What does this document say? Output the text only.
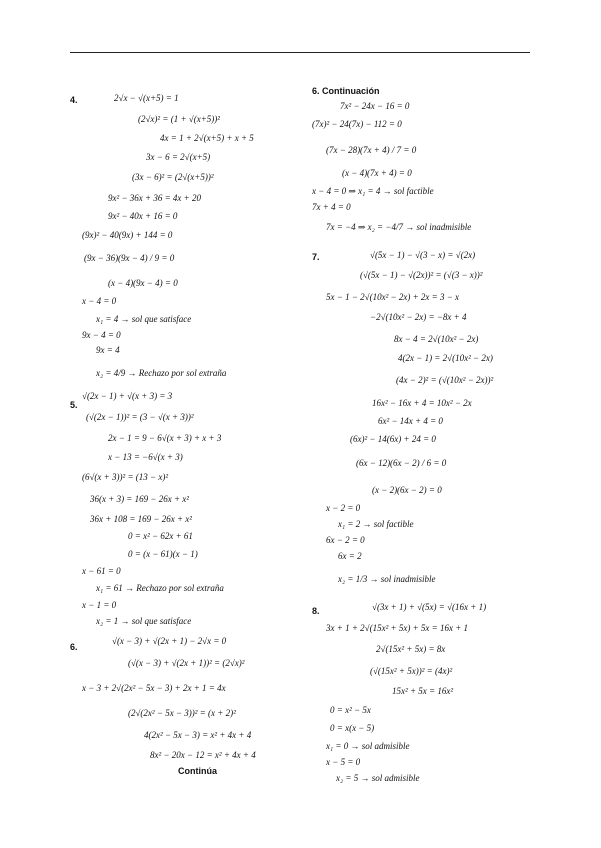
4.	2√x − √(x+5) = 1
(2√x)² = (1 + √(x+5))²
4x = 1 + 2√(x+5) + x + 5
3x − 6 = 2√(x+5)
(3x − 6)² = (2√(x+5))²
9x² − 36x + 36 = 4x + 20
9x² − 40x + 16 = 0
(9x)² − 40(9x) + 144 = 0
(9x − 36)(9x − 4) / 9 = 0
(x − 4)(9x − 4) = 0
x − 4 = 0
x₁ = 4 → sol que satisface
9x − 4 = 0
9x = 4
x₂ = 4/9 → Rechazo por sol extraña
5.
√(2x − 1) + √(x + 3) = 3
(√(2x − 1))² = (3 − √(x + 3))²
2x − 1 = 9 − 6√(x + 3) + x + 3
x − 13 = −6√(x + 3)
(6√(x + 3))² = (13 − x)²
36(x + 3) = 169 − 26x + x²
36x + 108 = 169 − 26x + x²
0 = x² − 62x + 61
0 = (x − 61)(x − 1)
x − 61 = 0
x₁ = 61 → Rechazo por sol extraña
x − 1 = 0
x₂ = 1 → sol que satisface
6.
√(x − 3) + √(2x + 1) − 2√x = 0
(√(x − 3) + √(2x + 1))² = (2√x)²
x − 3 + 2√(2x² − 5x − 3) + 2x + 1 = 4x
(2√(2x² − 5x − 3))² = (x + 2)²
4(2x² − 5x − 3) = x² + 4x + 4
8x² − 20x − 12 = x² + 4x + 4
Continúa
6. Continuación
7x² − 24x − 16 = 0
(7x)² − 24(7x) − 112 = 0
(7x − 28)(7x + 4) / 7 = 0
(x − 4)(7x + 4) = 0
x − 4 = 0 ⇒ x₁ = 4 → sol factible
7x + 4 = 0
7x = −4 ⇒ x₂ = −4/7 → sol inadmisible
7.	√(5x − 1) − √(3 − x) = √(2x)
(√(5x − 1) − √(2x))² = (√(3 − x))²
5x − 1 − 2√(10x² − 2x) + 2x = 3 − x
−2√(10x² − 2x) = −8x + 4
8x − 4 = 2√(10x² − 2x)
4(2x − 1) = 2√(10x² − 2x)
(4x − 2)² = (√(10x² − 2x))²
16x² − 16x + 4 = 10x² − 2x
6x² − 14x + 4 = 0
(6x)² − 14(6x) + 24 = 0
(6x − 12)(6x − 2) / 6 = 0
(x − 2)(6x − 2) = 0
x − 2 = 0
x₁ = 2 → sol factible
6x − 2 = 0
6x = 2
x₂ = 1/3 → sol inadmisible
8.	√(3x + 1) + √(5x) = √(16x + 1)
3x + 1 + 2√(15x² + 5x) + 5x = 16x + 1
2√(15x² + 5x) = 8x
(√(15x² + 5x))² = (4x)²
15x² + 5x = 16x²
0 = x² − 5x
0 = x(x − 5)
x₁ = 0 → sol admisible
x − 5 = 0
x₂ = 5 → sol admisible
